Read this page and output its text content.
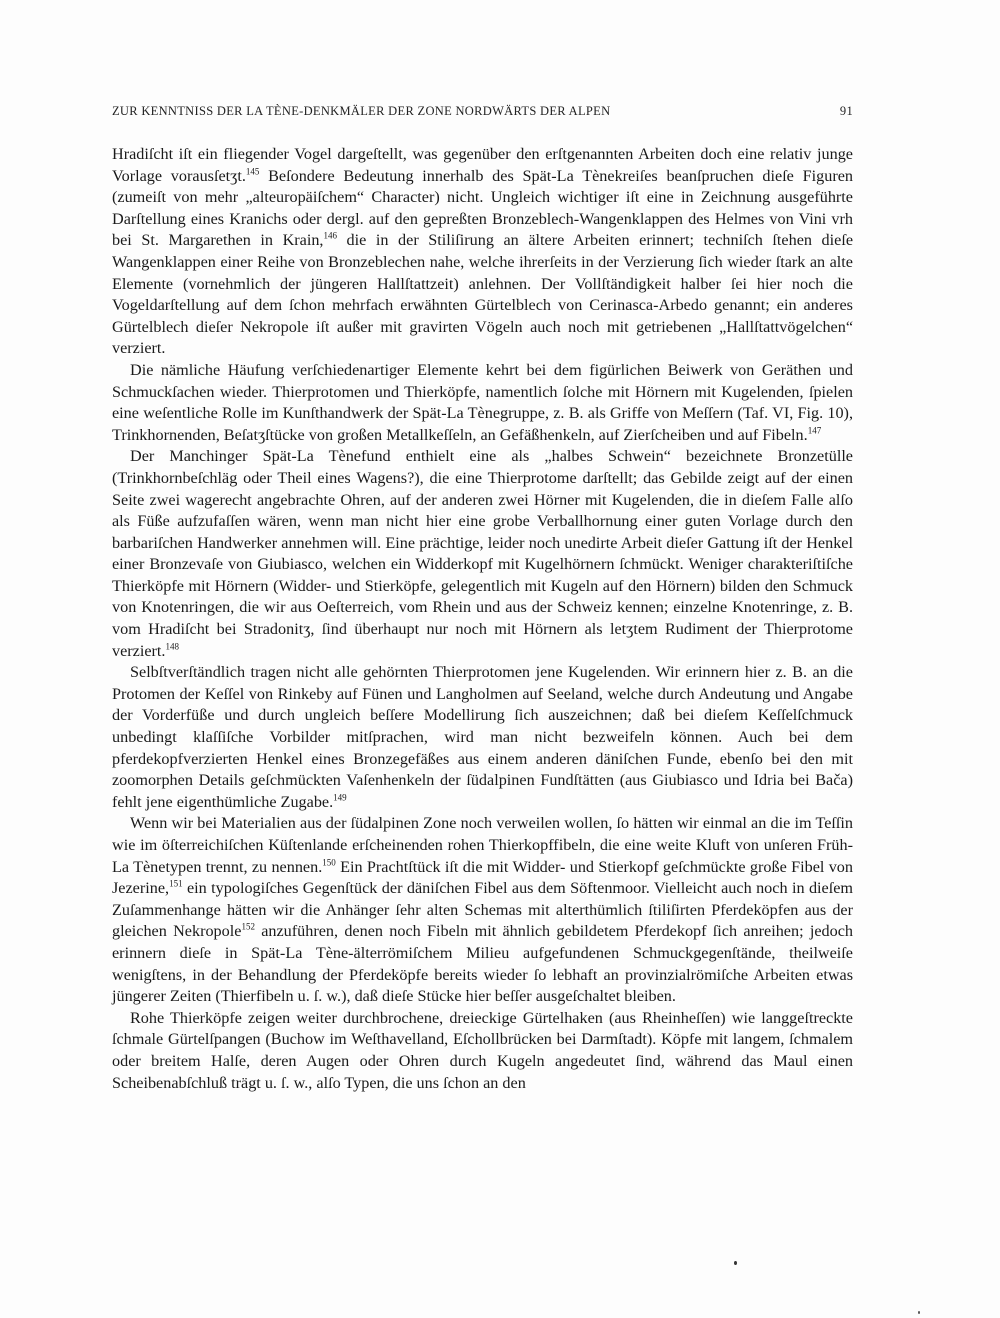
ZUR KENNTNISS DER LA TÈNE-DENKMÄLER DER ZONE NORDWÄRTS DER ALPEN	91

Hradiſcht iſt ein fliegender Vogel dargeſtellt, was gegenüber den erſtgenannten Arbeiten doch eine relativ junge Vorlage vorausſetʒt.$^{145}$ Beſondere Bedeutung innerhalb des Spät-La Tènekreiſes beanſpruchen dieſe Figuren (zumeiſt von mehr „alteuropäiſchem“ Character) nicht. Ungleich wichtiger iſt eine in Zeichnung ausgeführte Darſtellung eines Kranichs oder dergl. auf den gepreßten Bronzeblech-Wangenklappen des Helmes von Vini vrh bei St. Margarethen in Krain,$^{146}$ die in der Stiliſirung an ältere Arbeiten erinnert; techniſch ſtehen dieſe Wangenklappen einer Reihe von Bronzeblechen nahe, welche ihrerſeits in der Verzierung ſich wieder ſtark an alte Elemente (vornehmlich der jüngeren Hallſtattzeit) anlehnen. Der Vollſtändigkeit halber ſei hier noch die Vogeldarſtellung auf dem ſchon mehrfach erwähnten Gürtelblech von Cerinasca-Arbedo genannt; ein anderes Gürtelblech dieſer Nekropole iſt außer mit gravirten Vögeln auch noch mit getriebenen „Hallſtattvögelchen“ verziert.

Die nämliche Häufung verſchiedenartiger Elemente kehrt bei dem figürlichen Beiwerk von Geräthen und Schmuckſachen wieder. Thierprotomen und Thierköpfe, namentlich ſolche mit Hörnern mit Kugelenden, ſpielen eine weſentliche Rolle im Kunſthandwerk der Spät-La Tènegruppe, z. B. als Griffe von Meſſern (Taf. VI, Fig. 10), Trinkhornenden, Beſatʒſtücke von großen Metallkeſſeln, an Gefäßhenkeln, auf Zierſcheiben und auf Fibeln.$^{147}$

Der Manchinger Spät-La Tènefund enthielt eine als „halbes Schwein“ bezeichnete Bronzetülle (Trinkhornbeſchläg oder Theil eines Wagens?), die eine Thierprotome darſtellt; das Gebilde zeigt auf der einen Seite zwei wagerecht angebrachte Ohren, auf der anderen zwei Hörner mit Kugelenden, die in dieſem Falle alſo als Füße aufzufaſſen wären, wenn man nicht hier eine grobe Verballhornung einer guten Vorlage durch den barbariſchen Handwerker annehmen will. Eine prächtige, leider noch unedirte Arbeit dieſer Gattung iſt der Henkel einer Bronzevaſe von Giubiasco, welchen ein Widderkopf mit Kugelhörnern ſchmückt. Weniger charakteriſtiſche Thierköpfe mit Hörnern (Widder- und Stierköpfe, gelegentlich mit Kugeln auf den Hörnern) bilden den Schmuck von Knotenringen, die wir aus Oeſterreich, vom Rhein und aus der Schweiz kennen; einzelne Knotenringe, z. B. vom Hradiſcht bei Stradonitʒ, ſind überhaupt nur noch mit Hörnern als letʒtem Rudiment der Thierprotome verziert.$^{148}$

Selbſtverſtändlich tragen nicht alle gehörnten Thierprotomen jene Kugelenden. Wir erinnern hier z. B. an die Protomen der Keſſel von Rinkeby auf Fünen und Langholmen auf Seeland, welche durch Andeutung und Angabe der Vorderfüße und durch ungleich beſſere Modellirung ſich auszeichnen; daß bei dieſem Keſſelſchmuck unbedingt klaſſiſche Vorbilder mitſprachen, wird man nicht bezweifeln können. Auch bei dem pferdekopfverzierten Henkel eines Bronzegefäßes aus einem anderen däniſchen Funde, ebenſo bei den mit zoomorphen Details geſchmückten Vaſenhenkeln der ſüdalpinen Fundſtätten (aus Giubiasco und Idria bei Bača) fehlt jene eigenthümliche Zugabe.$^{149}$

Wenn wir bei Materialien aus der ſüdalpinen Zone noch verweilen wollen, ſo hätten wir einmal an die im Teſſin wie im öſterreichiſchen Küſtenlande erſcheinenden rohen Thierkopffibeln, die eine weite Kluft von unſeren Früh-La Tènetypen trennt, zu nennen.$^{150}$ Ein Prachtſtück iſt die mit Widder- und Stierkopf geſchmückte große Fibel von Jezerine,$^{151}$ ein typologiſches Gegenſtück der däniſchen Fibel aus dem Söftenmoor. Vielleicht auch noch in dieſem Zuſammenhange hätten wir die Anhänger ſehr alten Schemas mit alterthümlich ſtiliſirten Pferdeköpfen aus der gleichen Nekropole$^{152}$ anzuführen, denen noch Fibeln mit ähnlich gebildetem Pferdekopf ſich anreihen; jedoch erinnern dieſe in Spät-La Tène-älterrömiſchem Milieu aufgefundenen Schmuckgegenſtände, theilweiſe wenigſtens, in der Behandlung der Pferdeköpfe bereits wieder ſo lebhaft an provinzialrömiſche Arbeiten etwas jüngerer Zeiten (Thierfibeln u. ſ. w.), daß dieſe Stücke hier beſſer ausgeſchaltet bleiben.

Rohe Thierköpfe zeigen weiter durchbrochene, dreieckige Gürtelhaken (aus Rheinheſſen) wie langgeſtreckte ſchmale Gürtelſpangen (Buchow im Weſthavelland, Eſchollbrücken bei Darmſtadt). Köpfe mit langem, ſchmalem oder breitem Halſe, deren Augen oder Ohren durch Kugeln angedeutet ſind, während das Maul einen Scheibenabſchluß trägt u. ſ. w., alſo Typen, die uns ſchon an den
